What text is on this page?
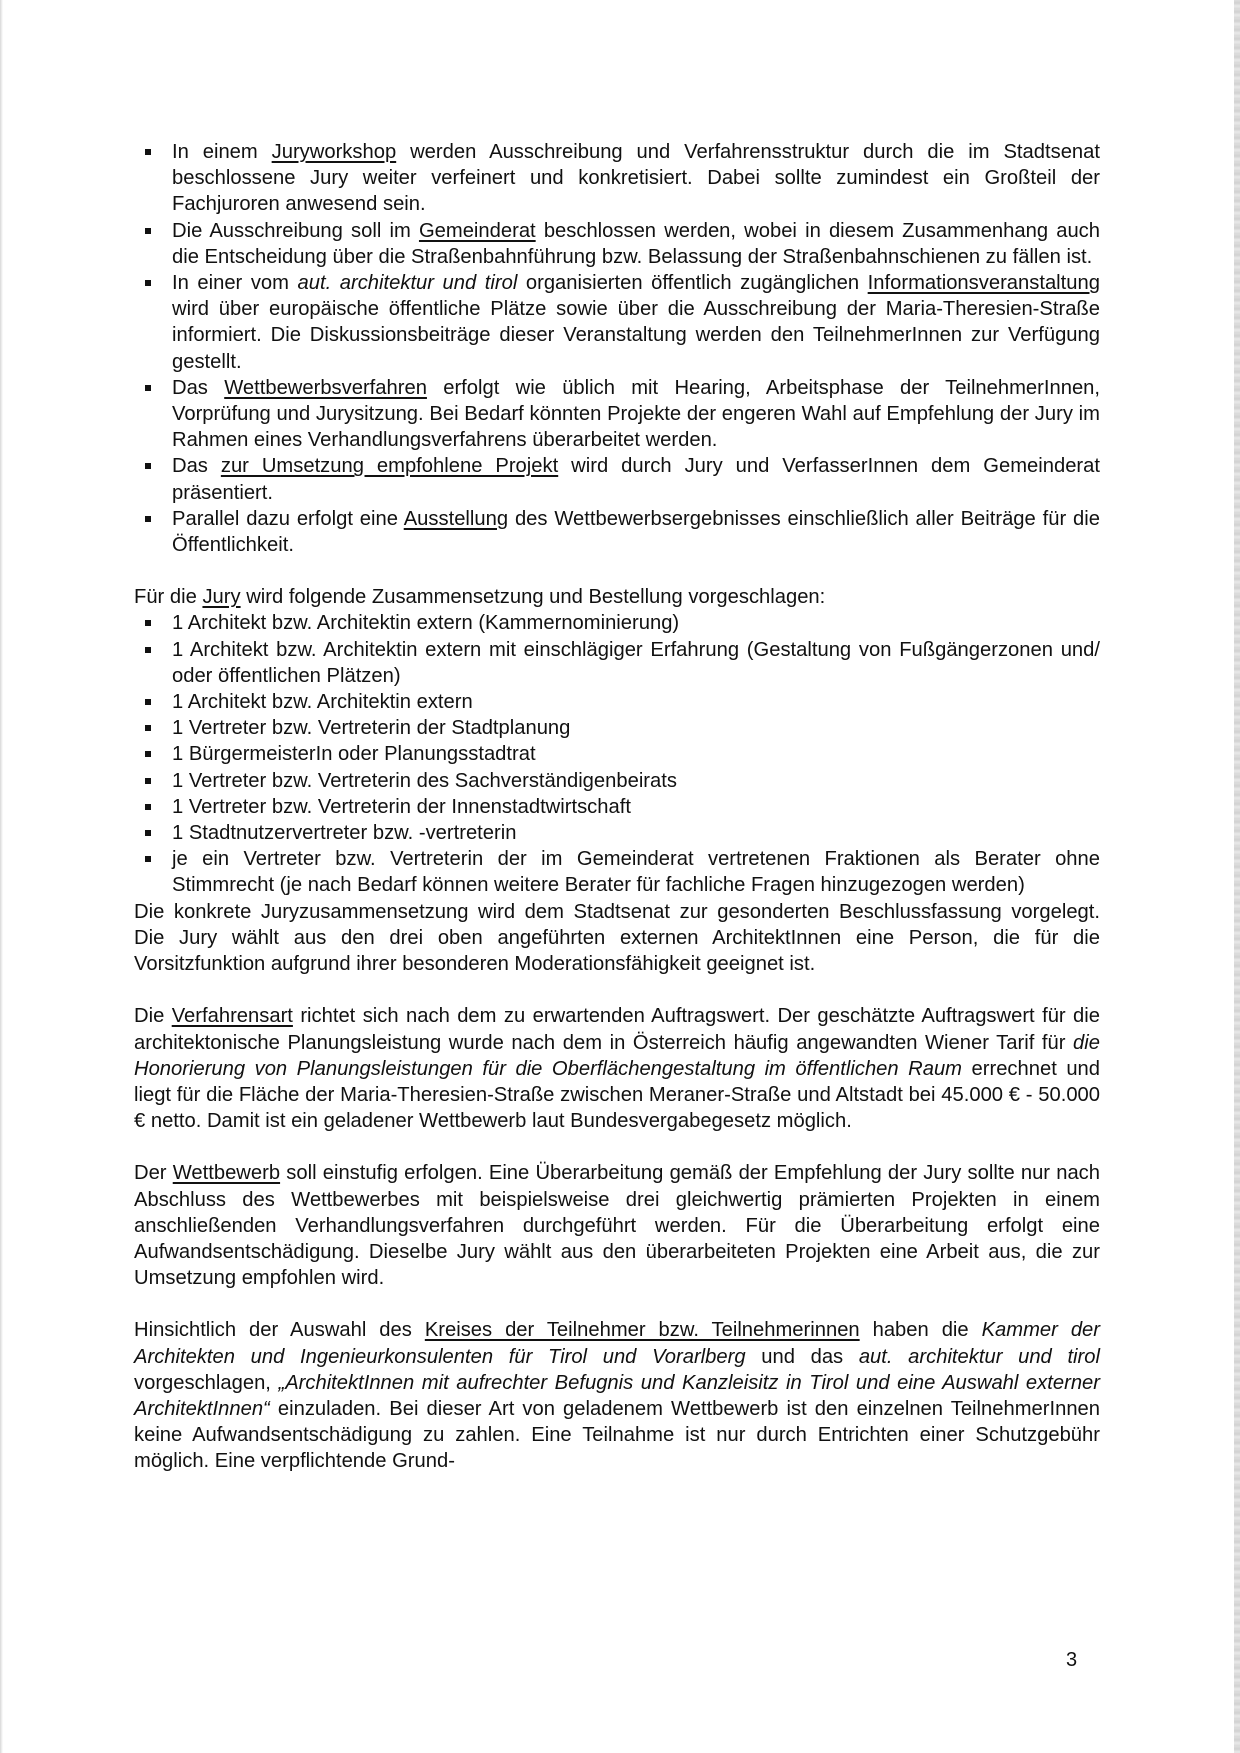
In einem Juryworkshop werden Ausschreibung und Verfahrensstruktur durch die im Stadtsenat beschlossene Jury weiter verfeinert und konkretisiert. Dabei sollte zumindest ein Großteil der Fachjuroren anwesend sein.
Die Ausschreibung soll im Gemeinderat beschlossen werden, wobei in diesem Zusammenhang auch die Entscheidung über die Straßenbahnführung bzw. Belassung der Straßenbahnschienen zu fällen ist.
In einer vom aut. architektur und tirol organisierten öffentlich zugänglichen Informationsveranstaltung wird über europäische öffentliche Plätze sowie über die Ausschreibung der Maria-Theresien-Straße informiert. Die Diskussionsbeiträge dieser Veranstaltung werden den TeilnehmerInnen zur Verfügung gestellt.
Das Wettbewerbsverfahren erfolgt wie üblich mit Hearing, Arbeitsphase der TeilnehmerInnen, Vorprüfung und Jurysitzung. Bei Bedarf könnten Projekte der engeren Wahl auf Empfehlung der Jury im Rahmen eines Verhandlungsverfahrens überarbeitet werden.
Das zur Umsetzung empfohlene Projekt wird durch Jury und VerfasserInnen dem Gemeinderat präsentiert.
Parallel dazu erfolgt eine Ausstellung des Wettbewerbsergebnisses einschließlich aller Beiträge für die Öffentlichkeit.

Für die Jury wird folgende Zusammensetzung und Bestellung vorgeschlagen:

1 Architekt bzw. Architektin extern (Kammernominierung)
1 Architekt bzw. Architektin extern mit einschlägiger Erfahrung (Gestaltung von Fußgängerzonen und/ oder öffentlichen Plätzen)
1 Architekt bzw. Architektin extern
1 Vertreter bzw. Vertreterin der Stadtplanung
1 BürgermeisterIn oder Planungsstadtrat
1 Vertreter bzw. Vertreterin des Sachverständigenbeirats
1 Vertreter bzw. Vertreterin der Innenstadtwirtschaft
1 Stadtnutzervertreter bzw. -vertreterin
je ein Vertreter bzw. Vertreterin der im Gemeinderat vertretenen Fraktionen als Berater ohne Stimmrecht (je nach Bedarf können weitere Berater für fachliche Fragen hinzugezogen werden)

Die konkrete Juryzusammensetzung wird dem Stadtsenat zur gesonderten Beschlussfassung vorgelegt. Die Jury wählt aus den drei oben angeführten externen ArchitektInnen eine Person, die für die Vorsitzfunktion aufgrund ihrer besonderen Moderationsfähigkeit geeignet ist.

Die Verfahrensart richtet sich nach dem zu erwartenden Auftragswert. Der geschätzte Auftragswert für die architektonische Planungsleistung wurde nach dem in Österreich häufig angewandten Wiener Tarif für die Honorierung von Planungsleistungen für die Oberflächengestaltung im öffentlichen Raum errechnet und liegt für die Fläche der Maria-Theresien-Straße zwischen Meraner-Straße und Altstadt bei 45.000 € - 50.000 € netto. Damit ist ein geladener Wettbewerb laut Bundesvergabegesetz möglich.

Der Wettbewerb soll einstufig erfolgen. Eine Überarbeitung gemäß der Empfehlung der Jury sollte nur nach Abschluss des Wettbewerbes mit beispielsweise drei gleichwertig prämierten Projekten in einem anschließenden Verhandlungsverfahren durchgeführt werden. Für die Überarbeitung erfolgt eine Aufwandsentschädigung. Dieselbe Jury wählt aus den überarbeiteten Projekten eine Arbeit aus, die zur Umsetzung empfohlen wird.

Hinsichtlich der Auswahl des Kreises der Teilnehmer bzw. Teilnehmerinnen haben die Kammer der Architekten und Ingenieurkonsulenten für Tirol und Vorarlberg und das aut. architektur und tirol vorgeschlagen, „ArchitektInnen mit aufrechter Befugnis und Kanzleisitz in Tirol und eine Auswahl externer ArchitektInnen“ einzuladen. Bei dieser Art von geladenem Wettbewerb ist den einzelnen TeilnehmerInnen keine Aufwandsentschädigung zu zahlen. Eine Teilnahme ist nur durch Entrichten einer Schutzgebühr möglich. Eine verpflichtende Grund-

3
